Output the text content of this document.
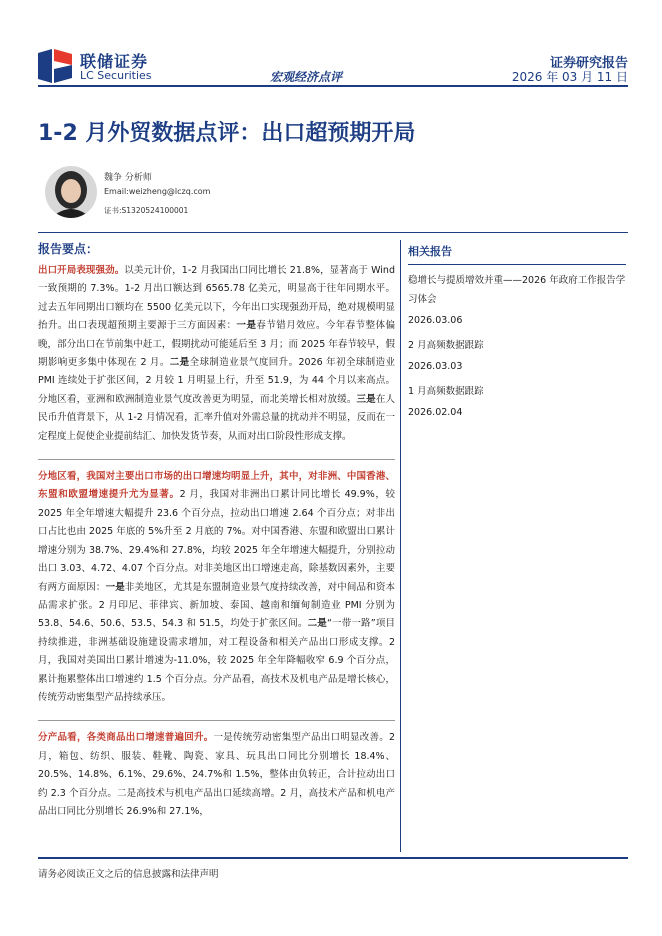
联储证券
LC Securities	宏观经济点评
证券研究报告
2026 年 03 月 11 日
1-2 月外贸数据点评：出口超预期开局
魏争 分析师
Email:weizheng@lczq.com
证书:S1320524100001
报告要点：

出口开局表现强劲。以美元计价，1-2 月我国出口同比增长 21.8%，显著高于 Wind 一致预期的 7.3%。1-2 月出口额达到 6565.78 亿美元，明显高于往年同期水平。过去五年同期出口额均在 5500 亿美元以下，今年出口实现强劲开局，绝对规模明显抬升。出口表现超预期主要源于三方面因素：一是春节错月效应。今年春节整体偏晚，部分出口在节前集中赶工，假期扰动可能延后至 3 月；而 2025 年春节较早，假期影响更多集中体现在 2 月。二是全球制造业景气度回升。2026 年初全球制造业 PMI 连续处于扩张区间，2 月较 1 月明显上行，升至 51.9，为 44 个月以来高点。分地区看，亚洲和欧洲制造业景气度改善更为明显，而北美增长相对放缓。三是在人民币升值背景下，从 1-2 月情况看，汇率升值对外需总量的扰动并不明显，反而在一定程度上促使企业提前结汇、加快发货节奏，从而对出口阶段性形成支撑。

分地区看，我国对主要出口市场的出口增速均明显上升，其中，对非洲、中国香港、东盟和欧盟增速提升尤为显著。2 月，我国对非洲出口累计同比增长 49.9%，较 2025 年全年增速大幅提升 23.6 个百分点，拉动出口增速 2.64 个百分点；对非出口占比也由 2025 年底的 5%升至 2 月底的 7%。对中国香港、东盟和欧盟出口累计增速分别为 38.7%、29.4%和 27.8%，均较 2025 年全年增速大幅提升，分别拉动出口 3.03、4.72、4.07 个百分点。对非美地区出口增速走高，除基数因素外，主要有两方面原因：一是非美地区，尤其是东盟制造业景气度持续改善，对中间品和资本品需求扩张。2 月印尼、菲律宾、新加坡、泰国、越南和缅甸制造业 PMI 分别为 53.8、54.6、50.6、53.5、54.3 和 51.5，均处于扩张区间。二是“一带一路”项目持续推进，非洲基础设施建设需求增加，对工程设备和相关产品出口形成支撑。2 月，我国对美国出口累计增速为-11.0%，较 2025 年全年降幅收窄 6.9 个百分点，累计拖累整体出口增速约 1.5 个百分点。分产品看，高技术及机电产品是增长核心，传统劳动密集型产品持续承压。

分产品看，各类商品出口增速普遍回升。一是传统劳动密集型产品出口明显改善。2 月，箱包、纺织、服装、鞋靴、陶瓷、家具、玩具出口同比分别增长 18.4%、20.5%、14.8%、6.1%、29.6%、24.7%和 1.5%，整体由负转正，合计拉动出口约 2.3 个百分点。二是高技术与机电产品出口延续高增。2 月，高技术产品和机电产品出口同比分别增长 26.9%和 27.1%，

相关报告
稳增长与提质增效并重——2026 年政府工作报告学习体会
2026.03.06
2 月高频数据跟踪
2026.03.03
1 月高频数据跟踪
2026.02.04
请务必阅读正文之后的信息披露和法律声明
